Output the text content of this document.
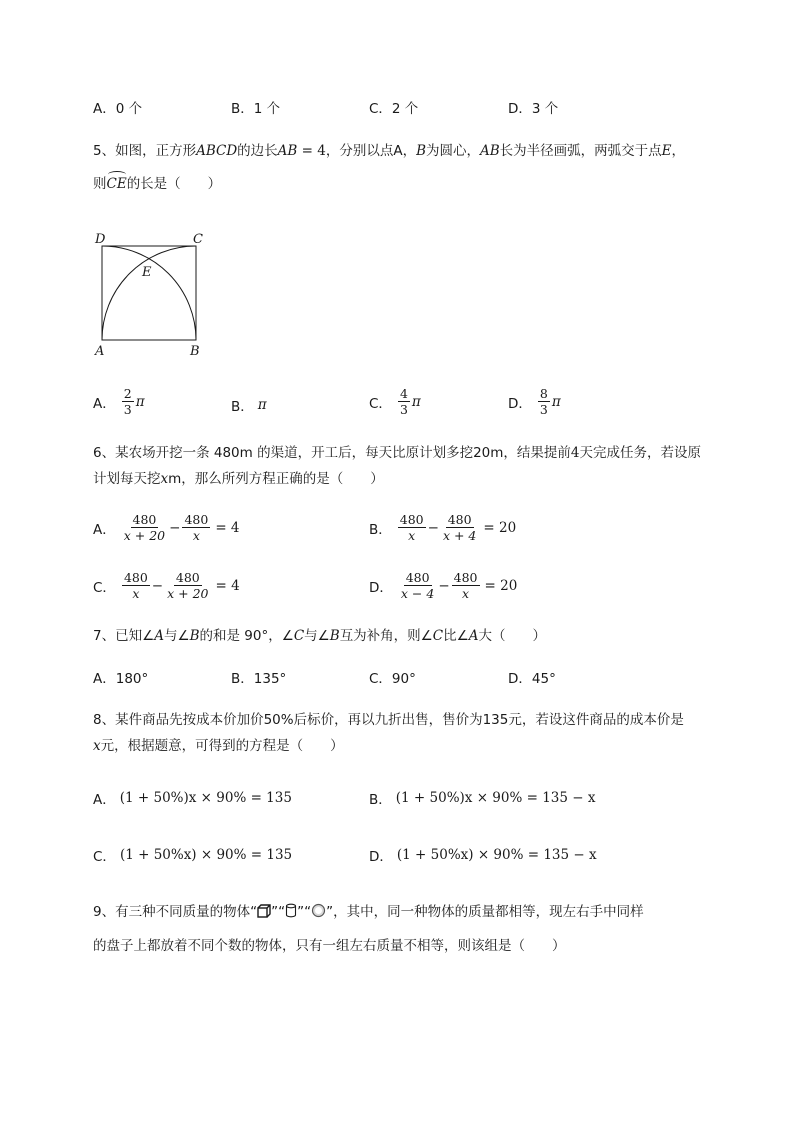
A．0 个	B．1 个	C．2 个	D．3 个
5、如图，正方形ABCD的边长AB = 4，分别以点A，B为圆心，AB长为半径画弧，两弧交于点E，
则
CE的长是（　　）
D	C
E
A	B
A． $\frac{2}{3}$ π	B． π	C． $\frac{4}{3}$ π	D． $\frac{8}{3}$ π
6、某农场开挖一条 480m 的渠道，开工后，每天比原计划多挖20m，结果提前4天完成任务，若设原
计划每天挖xm，那么所列方程正确的是（　　）
A． $\frac{480}{x + 20} - \frac{480}{x} = 4$	B． $\frac{480}{x} - \frac{480}{x + 4} = 20$
C． $\frac{480}{x} - \frac{480}{x + 20} = 4$	D． $\frac{480}{x - 4} - \frac{480}{x} = 20$
7、已知∠A与∠B的和是 90°，∠C与∠B互为补角，则∠C比∠A大（　　）
A．180°	B．135°	C．90°	D．45°
8、某件商品先按成本价加价50%后标价，再以九折出售，售价为135元，若设这件商品的成本价是
x元，根据题意，可得到的方程是（　　）
A． (1 + 50%)x × 90% = 135	B． (1 + 50%)x × 90% = 135 − x
C． (1 + 50%x) × 90% = 135	D． (1 + 50%x) × 90% = 135 − x
9、有三种不同质量的物体“ ”“ ”“ ”，其中，同一种物体的质量都相等，现左右手中同样
的盘子上都放着不同个数的物体，只有一组左右质量不相等，则该组是（　　）
